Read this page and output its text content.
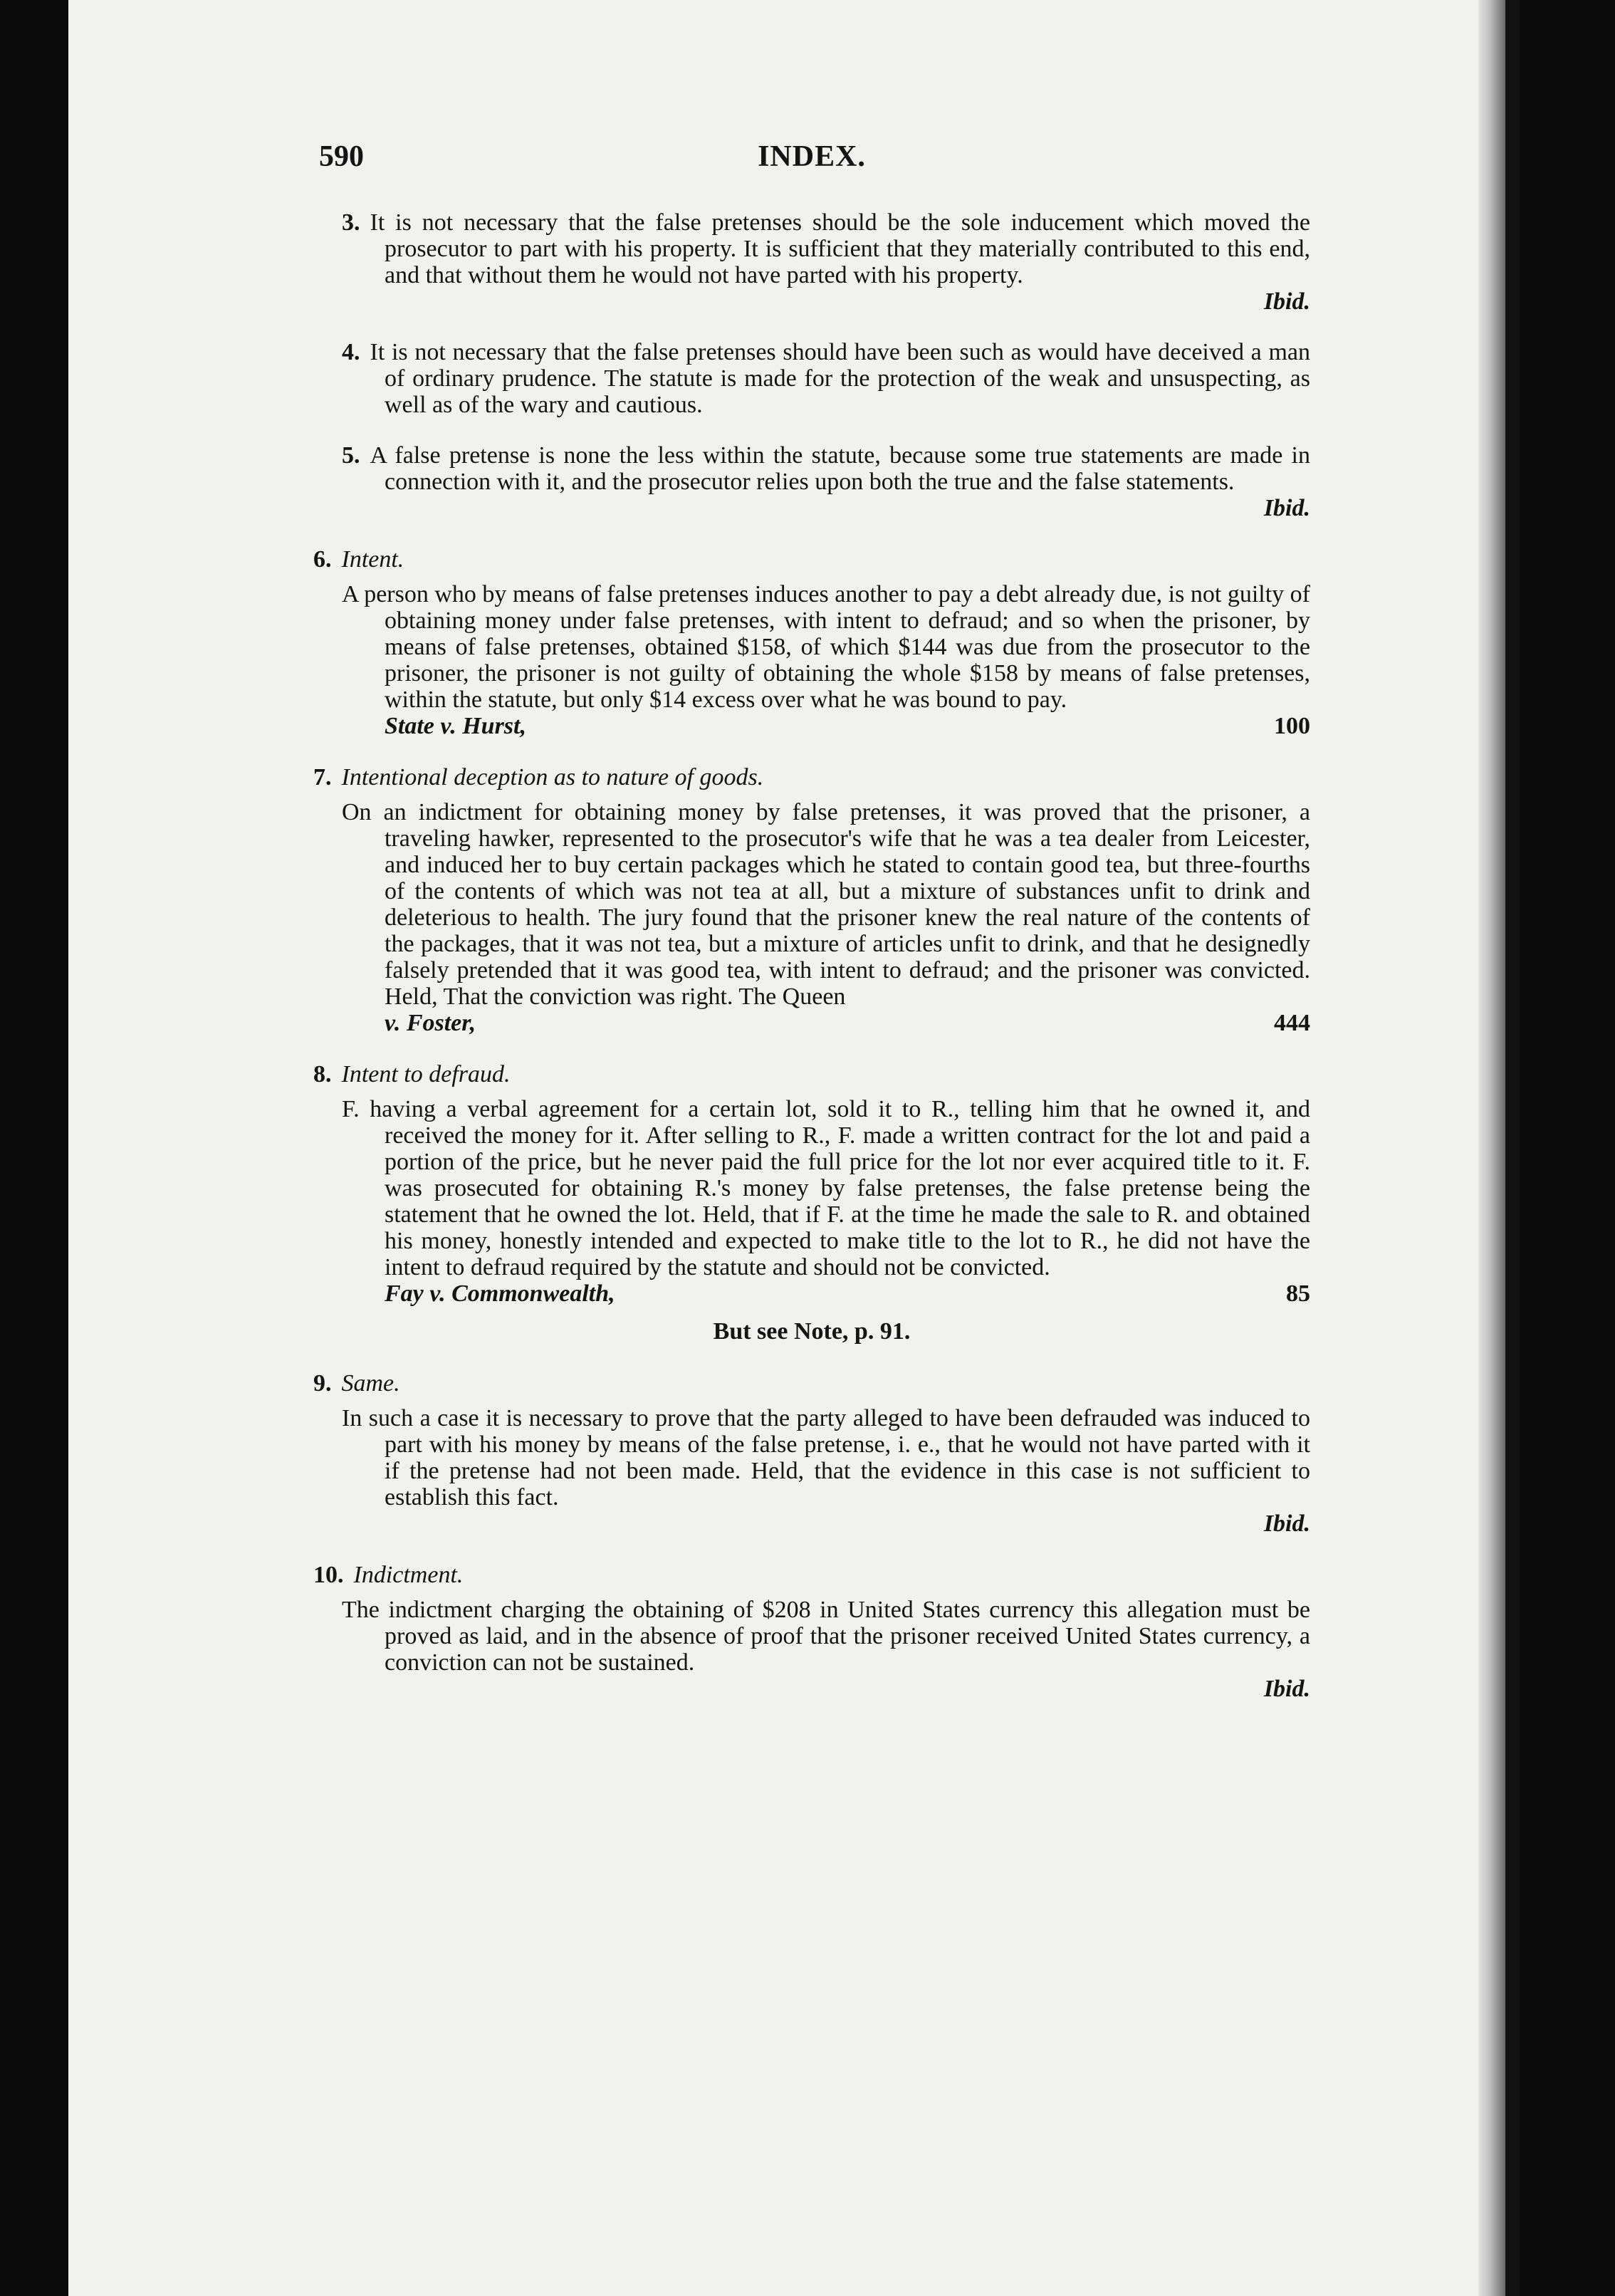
590	INDEX.

3. It is not necessary that the false pretenses should be the sole inducement which moved the prosecutor to part with his property. It is sufficient that they materially contributed to this end, and that without them he would not have parted with his property.

Ibid.

4. It is not necessary that the false pretenses should have been such as would have deceived a man of ordinary prudence. The statute is made for the protection of the weak and unsuspecting, as well as of the wary and cautious.

5. A false pretense is none the less within the statute, because some true statements are made in connection with it, and the prosecutor relies upon both the true and the false statements.

Ibid.
6. Intent.

A person who by means of false pretenses induces another to pay a debt already due, is not guilty of obtaining money under false pretenses, with intent to defraud; and so when the prisoner, by means of false pretenses, obtained $158, of which $144 was due from the prosecutor to the prisoner, the prisoner is not guilty of obtaining the whole $158 by means of false pretenses, within the statute, but only $14 excess over what he was bound to pay.

State v. Hurst,	100
7. Intentional deception as to nature of goods.

On an indictment for obtaining money by false pretenses, it was proved that the prisoner, a traveling hawker, represented to the prosecutor's wife that he was a tea dealer from Leicester, and induced her to buy certain packages which he stated to contain good tea, but three-fourths of the contents of which was not tea at all, but a mixture of substances unfit to drink and deleterious to health. The jury found that the prisoner knew the real nature of the contents of the packages, that it was not tea, but a mixture of articles unfit to drink, and that he designedly falsely pretended that it was good tea, with intent to defraud; and the prisoner was convicted. Held, That the conviction was right. The Queen

v. Foster,	444
8. Intent to defraud.

F. having a verbal agreement for a certain lot, sold it to R., telling him that he owned it, and received the money for it. After selling to R., F. made a written contract for the lot and paid a portion of the price, but he never paid the full price for the lot nor ever acquired title to it. F. was prosecuted for obtaining R.'s money by false pretenses, the false pretense being the statement that he owned the lot. Held, that if F. at the time he made the sale to R. and obtained his money, honestly intended and expected to make title to the lot to R., he did not have the intent to defraud required by the statute and should not be convicted.

Fay v. Commonwealth,	85
But see Note, p. 91.
9. Same.

In such a case it is necessary to prove that the party alleged to have been defrauded was induced to part with his money by means of the false pretense, i. e., that he would not have parted with it if the pretense had not been made. Held, that the evidence in this case is not sufficient to establish this fact.

Ibid.
10. Indictment.

The indictment charging the obtaining of $208 in United States currency this allegation must be proved as laid, and in the absence of proof that the prisoner received United States currency, a conviction can not be sustained.

Ibid.
